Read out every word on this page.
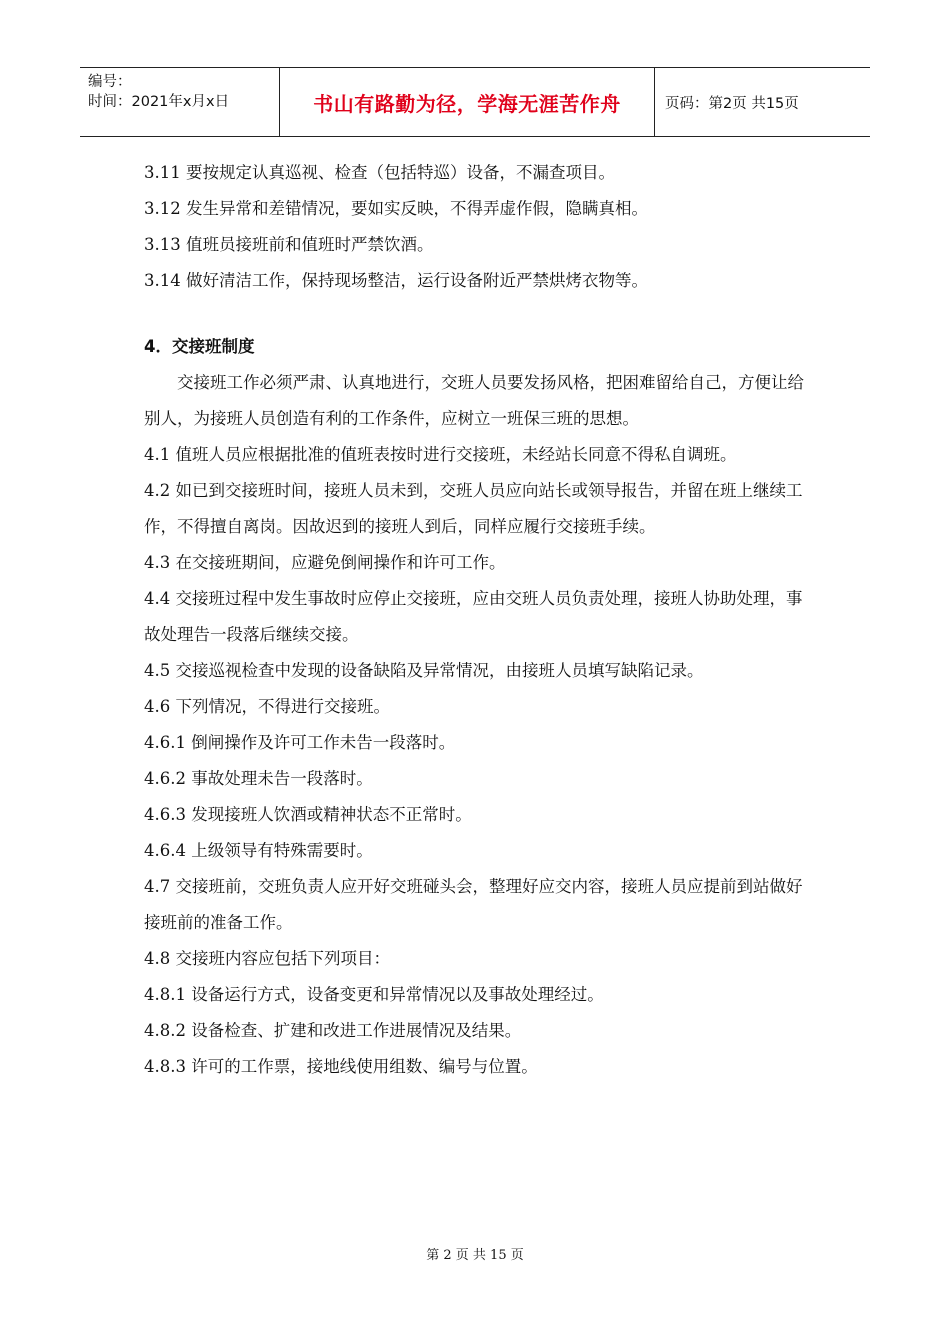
编号：
时间：2021年x月x日	书山有路勤为径，学海无涯苦作舟	页码：第2页 共15页

3.11 要按规定认真巡视、检查（包括特巡）设备，不漏查项目。

3.12 发生异常和差错情况，要如实反映，不得弄虚作假，隐瞒真相。

3.13 值班员接班前和值班时严禁饮酒。

3.14 做好清洁工作，保持现场整洁，运行设备附近严禁烘烤衣物等。

4．交接班制度

交接班工作必须严肃、认真地进行，交班人员要发扬风格，把困难留给自己，方便让给别人，为接班人员创造有利的工作条件，应树立一班保三班的思想。

4.1 值班人员应根据批准的值班表按时进行交接班，未经站长同意不得私自调班。

4.2 如已到交接班时间，接班人员未到，交班人员应向站长或领导报告，并留在班上继续工作，不得擅自离岗。因故迟到的接班人到后，同样应履行交接班手续。

4.3 在交接班期间，应避免倒闸操作和许可工作。

4.4 交接班过程中发生事故时应停止交接班，应由交班人员负责处理，接班人协助处理，事故处理告一段落后继续交接。

4.5 交接巡视检查中发现的设备缺陷及异常情况，由接班人员填写缺陷记录。

4.6 下列情况，不得进行交接班。

4.6.1 倒闸操作及许可工作未告一段落时。

4.6.2 事故处理未告一段落时。

4.6.3 发现接班人饮酒或精神状态不正常时。

4.6.4 上级领导有特殊需要时。

4.7 交接班前，交班负责人应开好交班碰头会，整理好应交内容，接班人员应提前到站做好接班前的准备工作。

4.8 交接班内容应包括下列项目：

4.8.1 设备运行方式，设备变更和异常情况以及事故处理经过。

4.8.2 设备检查、扩建和改进工作进展情况及结果。

4.8.3 许可的工作票，接地线使用组数、编号与位置。

第 2 页 共 15 页
